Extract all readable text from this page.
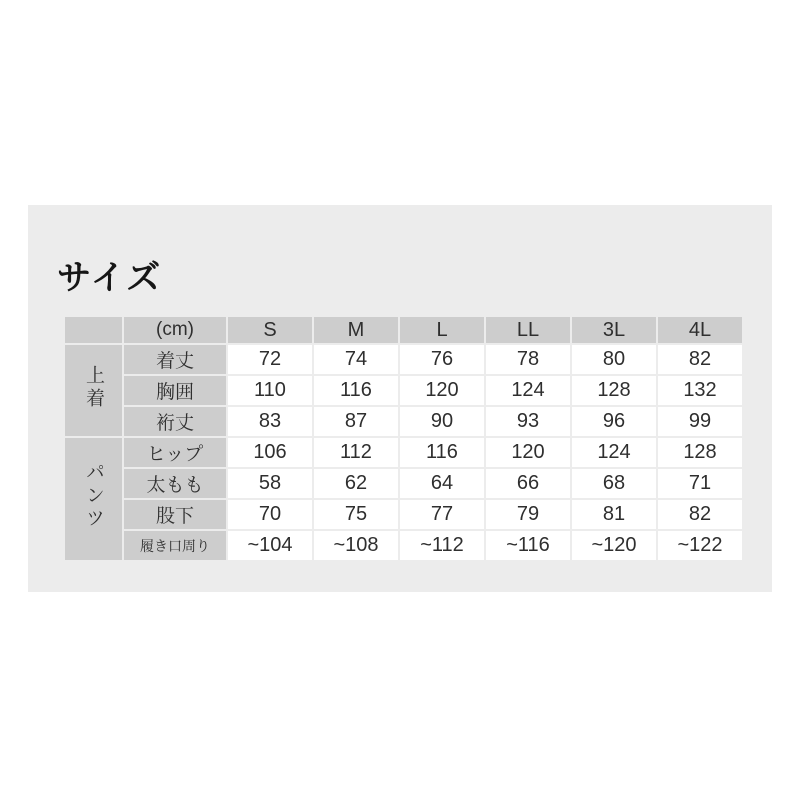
サイズ
	(cm)	S	M	L	LL	3L	4L
上着	着丈	72	74	76	78	80	82
	胸囲	110	116	120	124	128	132
	裄丈	83	87	90	93	96	99
パンツ	ヒップ	106	112	116	120	124	128
	太もも	58	62	64	66	68	71
	股下	70	75	77	79	81	82
	履き口周り	~104	~108	~112	~116	~120	~122
